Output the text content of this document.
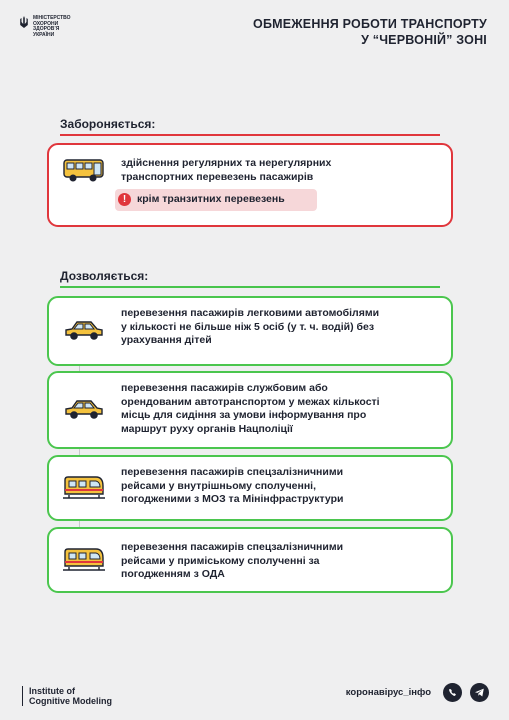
МІНІСТЕРСТВО
ОХОРОНИ
ЗДОРОВʼЯ
УКРАЇНИ
ОБМЕЖЕННЯ РОБОТИ ТРАНСПОРТУ
У “ЧЕРВОНІЙ” ЗОНІ
Забороняється:
здійснення регулярних та нерегулярних
транспортних перевезень пасажирів
!	крім транзитних перевезень
Дозволяється:
перевезення пасажирів легковими автомобілями
у кількості не більше ніж 5 осіб (у т. ч. водій) без
урахування дітей
перевезення пасажирів службовим або
орендованим автотранспортом у межах кількості
місць для сидіння за умови інформування про
маршрут руху органів Нацполіції
перевезення пасажирів спецзалізничними
рейсами у внутрішньому сполученні,
погодженими з МОЗ та Мінінфраструктури
перевезення пасажирів спецзалізничними
рейсами у приміському сполученні за
погодженням з ОДА
Institute of
Cognitive Modeling
коронавірус_інфо
